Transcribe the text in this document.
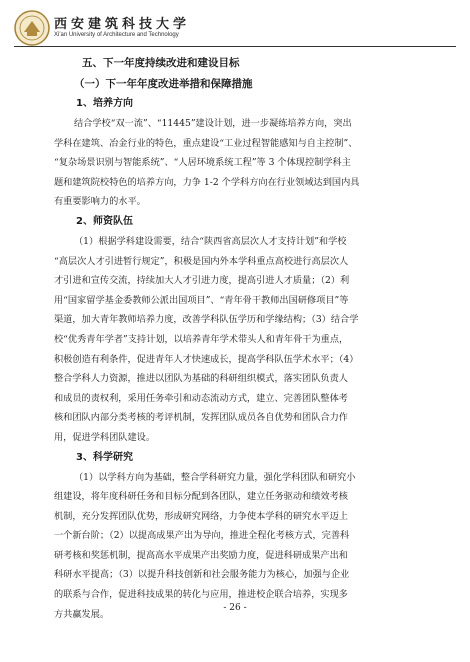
西安建筑科技大学
Xi'an University of Architecture and Technology
五、下一年度持续改进和建设目标
（一）下一年年度改进举措和保障措施
1、培养方向
结合学校“双一流”、“11445”建设计划，进一步凝练培养方向，突出
学科在建筑、冶金行业的特色，重点建设“工业过程智能感知与自主控制”、
“复杂场景识别与智能系统”、“人居环境系统工程”等 3 个体现控制学科主
题和建筑院校特色的培养方向，力争 1-2 个学科方向在行业领域达到国内具
有重要影响力的水平。
2、师资队伍
（1）根据学科建设需要，结合“陕西省高层次人才支持计划”和学校
“高层次人才引进暂行规定”，积极是国内外本学科重点高校进行高层次人
才引进和宣传交流，持续加大人才引进力度，提高引进人才质量；（2）利
用“国家留学基金委教师公派出国项目”、“青年骨干教师出国研修项目”等
渠道，加大青年教师培养力度，改善学科队伍学历和学缘结构；（3）结合学
校“优秀青年学者”支持计划，以培养青年学术带头人和青年骨干为重点，
积极创造有利条件，促进青年人才快速成长，提高学科队伍学术水平；（4）
整合学科人力资源，推进以团队为基础的科研组织模式，落实团队负责人
和成员的责权利，采用任务牵引和动态流动方式，建立、完善团队整体考
核和团队内部分类考核的考评机制，发挥团队成员各自优势和团队合力作
用，促进学科团队建设。
3、科学研究
（1）以学科方向为基础，整合学科研究力量，强化学科团队和研究小
组建设，将年度科研任务和目标分配到各团队，建立任务驱动和绩效考核
机制，充分发挥团队优势，形成研究网络，力争使本学科的研究水平迈上
一个新台阶；（2）以提高成果产出为导向，推进全程化考核方式，完善科
研考核和奖惩机制，提高高水平成果产出奖励力度，促进科研成果产出和
科研水平提高；（3）以提升科技创新和社会服务能力为核心，加强与企业
的联系与合作，促进科技成果的转化与应用，推进校企联合培养，实现多
方共赢发展。
- 26 -
